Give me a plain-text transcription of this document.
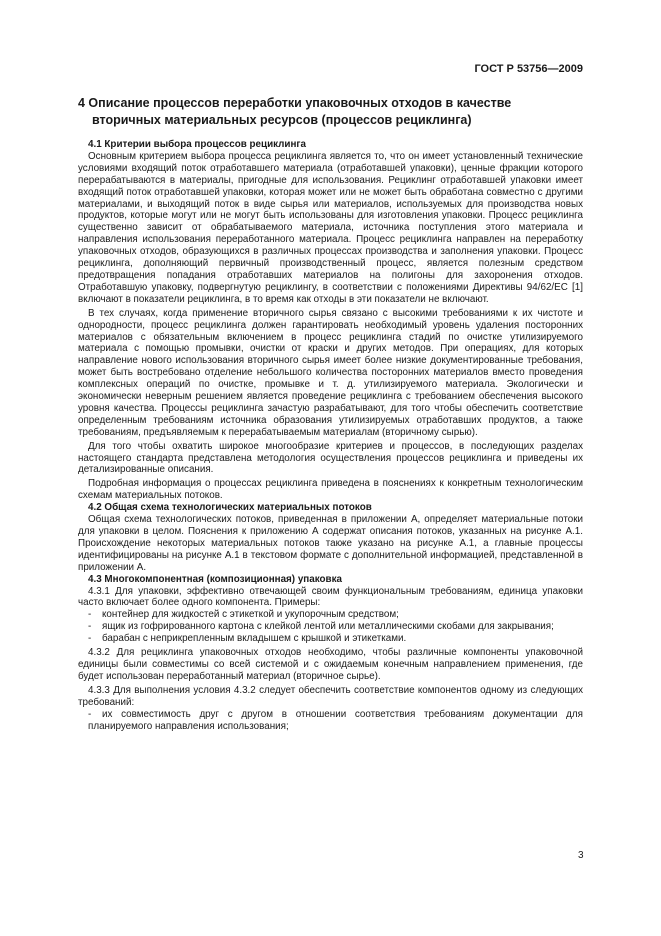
ГОСТ Р 53756—2009
4 Описание процессов переработки упаковочных отходов в качестве
вторичных материальных ресурсов (процессов рециклинга)
4.1 Критерии выбора процессов рециклинга

Основным критерием выбора процесса рециклинга является то, что он имеет установленный технические условиями входящий поток отработавшего материала (отработавшей упаковки), ценные фракции которого перерабатываются в материалы, пригодные для использования. Рециклинг отработавшей упаковки имеет входящий поток отработавшей упаковки, которая может или не может быть обработана совместно с другими материалами, и выходящий поток в виде сырья или материалов, используемых для производства новых продуктов, которые могут или не могут быть использованы для изготовления упаковки. Процесс рециклинга существенно зависит от обрабатываемого материала, источника поступления этого материала и направления использования переработанного материала. Процесс рециклинга направлен на переработку упаковочных отходов, образующихся в различных процессах производства и заполнения упаковки. Процесс рециклинга, дополняющий первичный производственный процесс, является полезным средством предотвращения попадания отработавших материалов на полигоны для захоронения отходов. Отработавшую упаковку, подвергнутую рециклингу, в соответствии с положениями Директивы 94/62/ЕС [1] включают в показатели рециклинга, в то время как отходы в эти показатели не включают.

В тех случаях, когда применение вторичного сырья связано с высокими требованиями к их чистоте и однородности, процесс рециклинга должен гарантировать необходимый уровень удаления посторонних материалов с обязательным включением в процесс рециклинга стадий по очистке утилизируемого материала с помощью промывки, очистки от краски и других методов. При операциях, для которых направление нового использования вторичного сырья имеет более низкие документированные требования, может быть востребовано отделение небольшого количества посторонних материалов вместо проведения комплексных операций по очистке, промывке и т. д. утилизируемого материала. Экологически и экономически неверным решением является проведение рециклинга с требованием обеспечения высокого уровня качества. Процессы рециклинга зачастую разрабатывают, для того чтобы обеспечить соответствие определенным требованиям источника образования утилизируемых отработавших продуктов, а также требованиям, предъявляемым к перерабатываемым материалам (вторичному сырью).

Для того чтобы охватить широкое многообразие критериев и процессов, в последующих разделах настоящего стандарта представлена методология осуществления процессов рециклинга и приведены их детализированные описания.

Подробная информация о процессах рециклинга приведена в пояснениях к конкретным технологическим схемам материальных потоков.

4.2 Общая схема технологических материальных потоков

Общая схема технологических потоков, приведенная в приложении А, определяет материальные потоки для упаковки в целом. Пояснения к приложению А содержат описания потоков, указанных на рисунке А.1. Происхождение некоторых материальных потоков также указано на рисунке А.1, а главные процессы идентифицированы на рисунке А.1 в текстовом формате с дополнительной информацией, представленной в приложении А.

4.3 Многокомпонентная (композиционная) упаковка

4.3.1 Для упаковки, эффективно отвечающей своим функциональным требованиям, единица упаковки часто включает более одного компонента. Примеры:

- контейнер для жидкостей с этикеткой и укупорочным средством;

- ящик из гофрированного картона с клейкой лентой или металлическими скобами для закрывания;

- барабан с неприкрепленным вкладышем с крышкой и этикетками.

4.3.2 Для рециклинга упаковочных отходов необходимо, чтобы различные компоненты упаковочной единицы были совместимы со всей системой и с ожидаемым конечным направлением применения, где будет использован переработанный материал (вторичное сырье).

4.3.3 Для выполнения условия 4.3.2 следует обеспечить соответствие компонентов одному из следующих требований:

- их совместимость друг с другом в отношении соответствия требованиям документации для планируемого направления использования;

3
